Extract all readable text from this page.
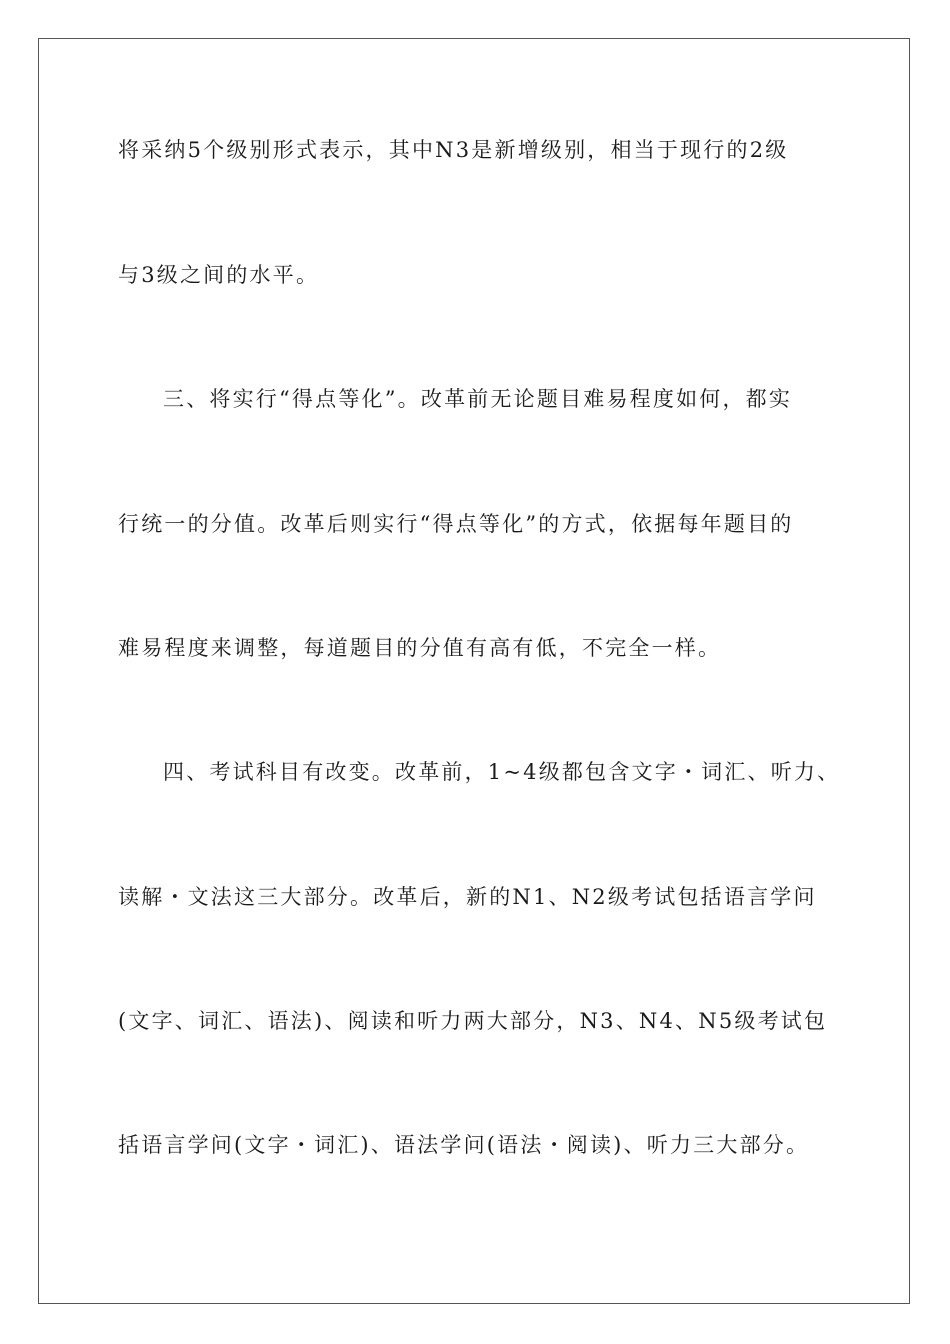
将采纳5个级别形式表示，其中N3是新增级别，相当于现行的2级
与3级之间的水平。
三、将实行“得点等化”。改革前无论题目难易程度如何，都实
行统一的分值。改革后则实行“得点等化”的方式，依据每年题目的
难易程度来调整，每道题目的分值有高有低，不完全一样。
四、考试科目有改变。改革前，1~4级都包含文字・词汇、听力、
读解・文法这三大部分。改革后，新的N1、N2级考试包括语言学问
(文字、词汇、语法)、阅读和听力两大部分，N3、N4、N5级考试包
括语言学问(文字・词汇)、语法学问(语法・阅读)、听力三大部分。
